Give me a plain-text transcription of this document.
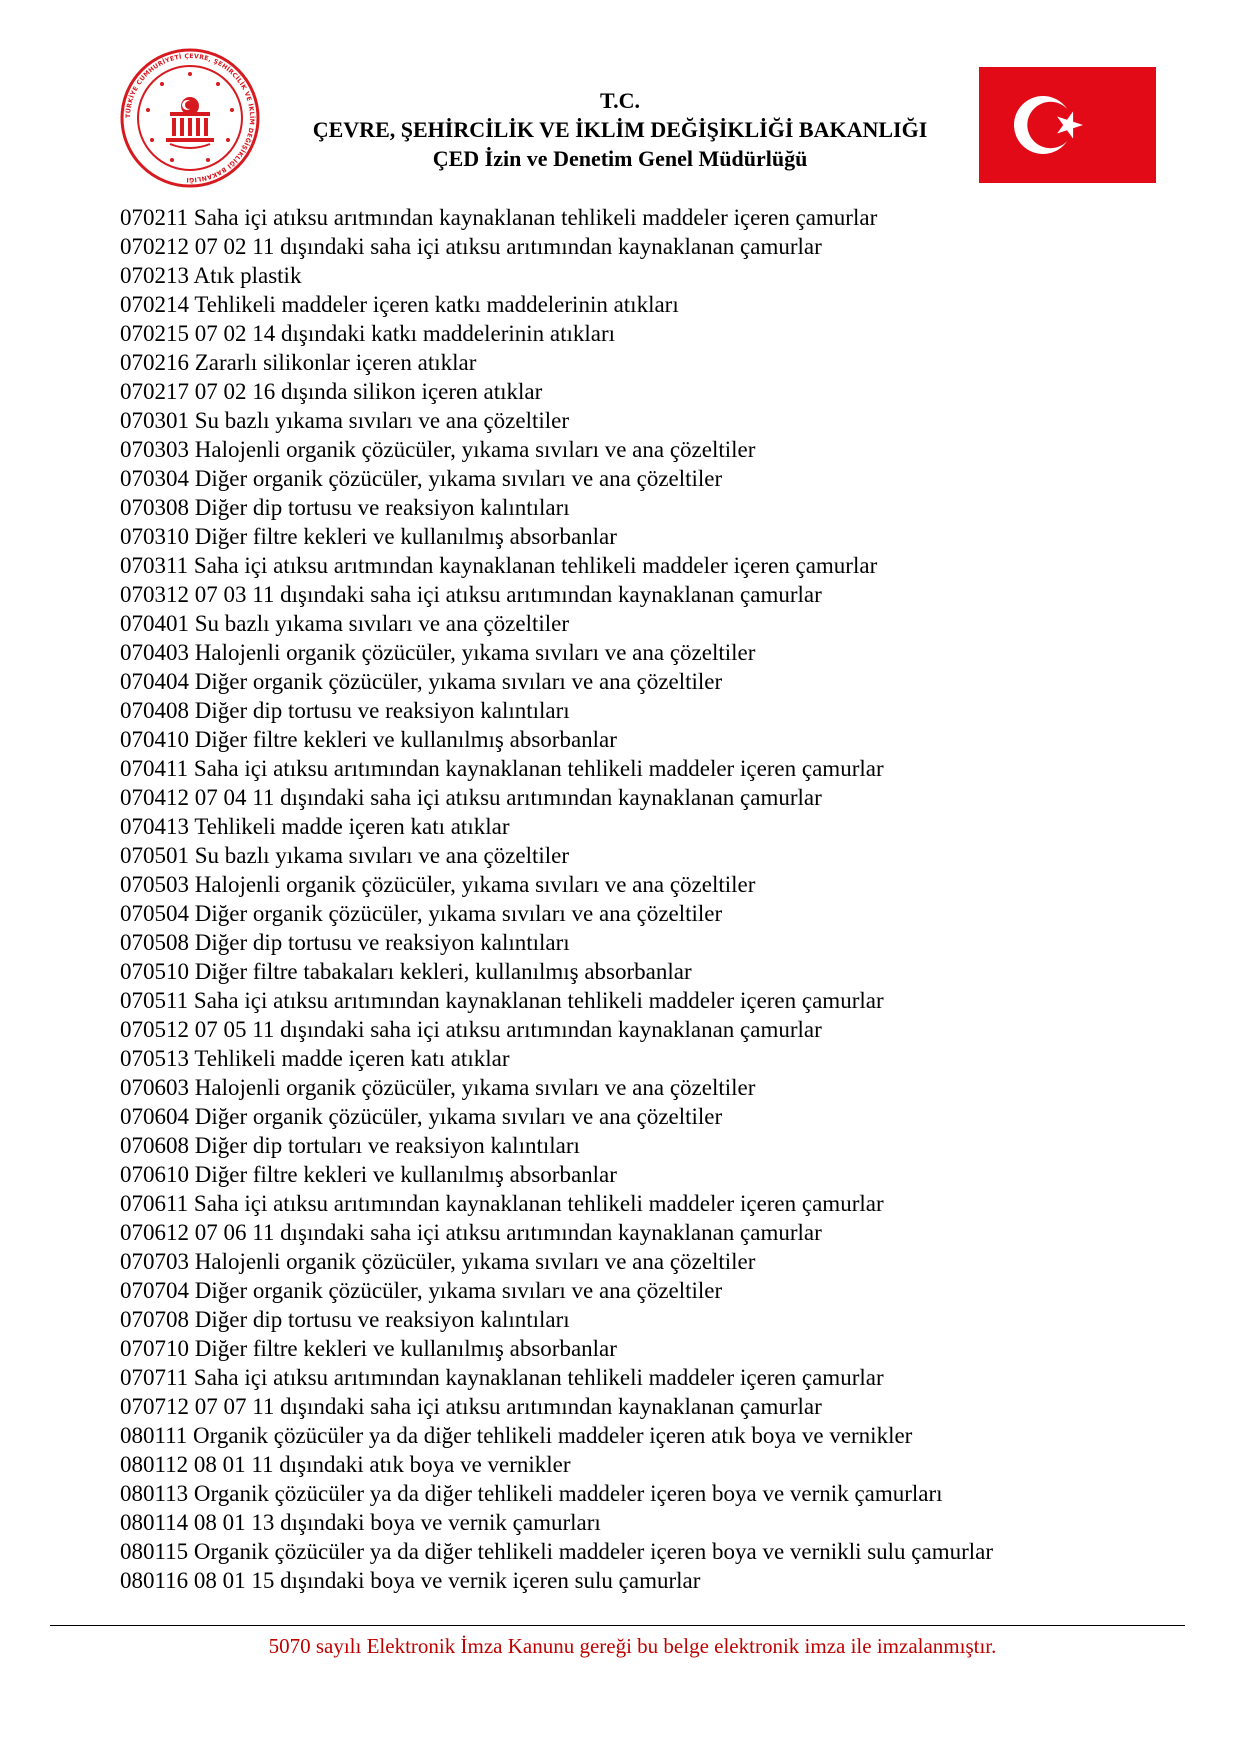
TÜRKİYE CUMHURİYETİ ÇEVRE, ŞEHİRCİLİK VE İKLİM DEĞİŞİKLİĞİ BAKANLIĞI
T.C.
ÇEVRE, ŞEHİRCİLİK VE İKLİM DEĞİŞİKLİĞİ BAKANLIĞI
ÇED İzin ve Denetim Genel Müdürlüğü
070211 Saha içi atıksu arıtmından kaynaklanan tehlikeli maddeler içeren çamurlar
070212 07 02 11 dışındaki saha içi atıksu arıtımından kaynaklanan çamurlar
070213 Atık plastik
070214 Tehlikeli maddeler içeren katkı maddelerinin atıkları
070215 07 02 14 dışındaki katkı maddelerinin atıkları
070216 Zararlı silikonlar içeren atıklar
070217 07 02 16 dışında silikon içeren atıklar
070301 Su bazlı yıkama sıvıları ve ana çözeltiler
070303 Halojenli organik çözücüler, yıkama sıvıları ve ana çözeltiler
070304 Diğer organik çözücüler, yıkama sıvıları ve ana çözeltiler
070308 Diğer dip tortusu ve reaksiyon kalıntıları
070310 Diğer filtre kekleri ve kullanılmış absorbanlar
070311 Saha içi atıksu arıtmından kaynaklanan tehlikeli maddeler içeren çamurlar
070312 07 03 11 dışındaki saha içi atıksu arıtımından kaynaklanan çamurlar
070401 Su bazlı yıkama sıvıları ve ana çözeltiler
070403 Halojenli organik çözücüler, yıkama sıvıları ve ana çözeltiler
070404 Diğer organik çözücüler, yıkama sıvıları ve ana çözeltiler
070408 Diğer dip tortusu ve reaksiyon kalıntıları
070410 Diğer filtre kekleri ve kullanılmış absorbanlar
070411 Saha içi atıksu arıtımından kaynaklanan tehlikeli maddeler içeren çamurlar
070412 07 04 11 dışındaki saha içi atıksu arıtımından kaynaklanan çamurlar
070413 Tehlikeli madde içeren katı atıklar
070501 Su bazlı yıkama sıvıları ve ana çözeltiler
070503 Halojenli organik çözücüler, yıkama sıvıları ve ana çözeltiler
070504 Diğer organik çözücüler, yıkama sıvıları ve ana çözeltiler
070508 Diğer dip tortusu ve reaksiyon kalıntıları
070510 Diğer filtre tabakaları kekleri, kullanılmış absorbanlar
070511 Saha içi atıksu arıtımından kaynaklanan tehlikeli maddeler içeren çamurlar
070512 07 05 11 dışındaki saha içi atıksu arıtımından kaynaklanan çamurlar
070513 Tehlikeli madde içeren katı atıklar
070603 Halojenli organik çözücüler, yıkama sıvıları ve ana çözeltiler
070604 Diğer organik çözücüler, yıkama sıvıları ve ana çözeltiler
070608 Diğer dip tortuları ve reaksiyon kalıntıları
070610 Diğer filtre kekleri ve kullanılmış absorbanlar
070611 Saha içi atıksu arıtımından kaynaklanan tehlikeli maddeler içeren çamurlar
070612 07 06 11 dışındaki saha içi atıksu arıtımından kaynaklanan çamurlar
070703 Halojenli organik çözücüler, yıkama sıvıları ve ana çözeltiler
070704 Diğer organik çözücüler, yıkama sıvıları ve ana çözeltiler
070708 Diğer dip tortusu ve reaksiyon kalıntıları
070710 Diğer filtre kekleri ve kullanılmış absorbanlar
070711 Saha içi atıksu arıtımından kaynaklanan tehlikeli maddeler içeren çamurlar
070712 07 07 11 dışındaki saha içi atıksu arıtımından kaynaklanan çamurlar
080111 Organik çözücüler ya da diğer tehlikeli maddeler içeren atık boya ve vernikler
080112 08 01 11 dışındaki atık boya ve vernikler
080113 Organik çözücüler ya da diğer tehlikeli maddeler içeren boya ve vernik çamurları
080114 08 01 13 dışındaki boya ve vernik çamurları
080115 Organik çözücüler ya da diğer tehlikeli maddeler içeren boya ve vernikli sulu çamurlar
080116 08 01 15 dışındaki boya ve vernik içeren sulu çamurlar
5070 sayılı Elektronik İmza Kanunu gereği bu belge elektronik imza ile imzalanmıştır.
